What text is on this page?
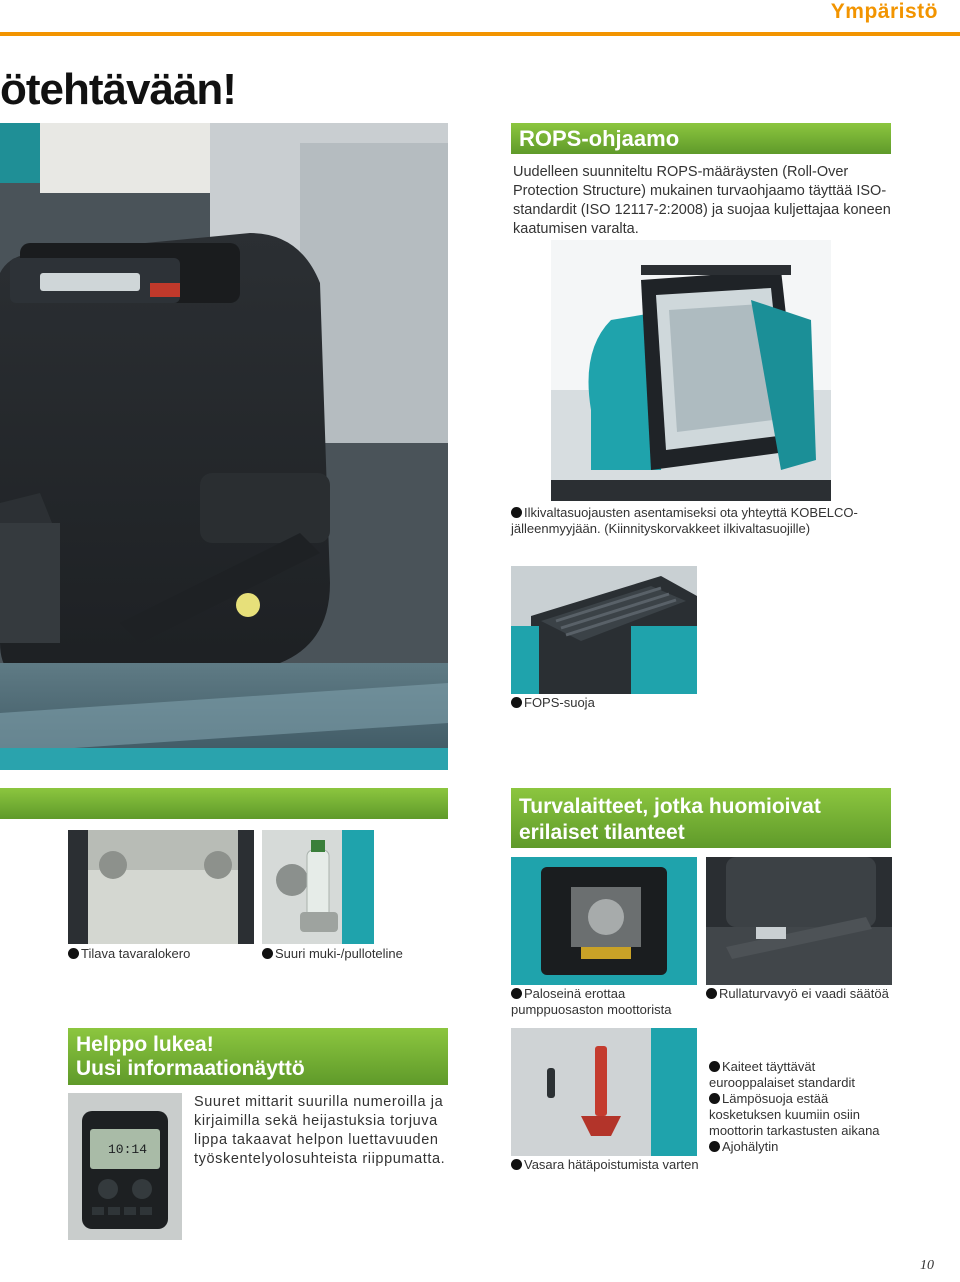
Ympäristö
ötehtävään!
ROPS-ohjaamo
Uudelleen suunniteltu ROPS-määräysten (Roll-Over Protection Structure) mukainen turvaohjaamo täyttää ISO-standardit (ISO 12117-2:2008) ja suojaa kuljettajaa koneen kaatumisen varalta.
Ilkivaltasuojausten asentamiseksi ota yhteyttä KOBELCO-jälleenmyyjään. (Kiinnityskorvakkeet ilkivaltasuojille)
FOPS-suoja
Turvalaitteet, jotka huomioivat erilaiset tilanteet
Tilava tavaralokero	Suuri muki-/pulloteline
Paloseinä erottaa pumppuosaston moottorista
Rullaturvavyö ei vaadi säätöä
Helppo lukea!
Uusi informaationäyttö
10:14
Suuret mittarit suurilla numeroilla ja kirjaimilla sekä heijastuksia torjuva lippa takaavat helpon luettavuuden työskentelyolosuhteista riippumatta.	Vasara hätäpoistumista varten
Kaiteet täyttävät eurooppalaiset standardit
Lämpösuoja estää kosketuksen kuumiin osiin moottorin tarkastusten aikana
Ajohälytin
10
